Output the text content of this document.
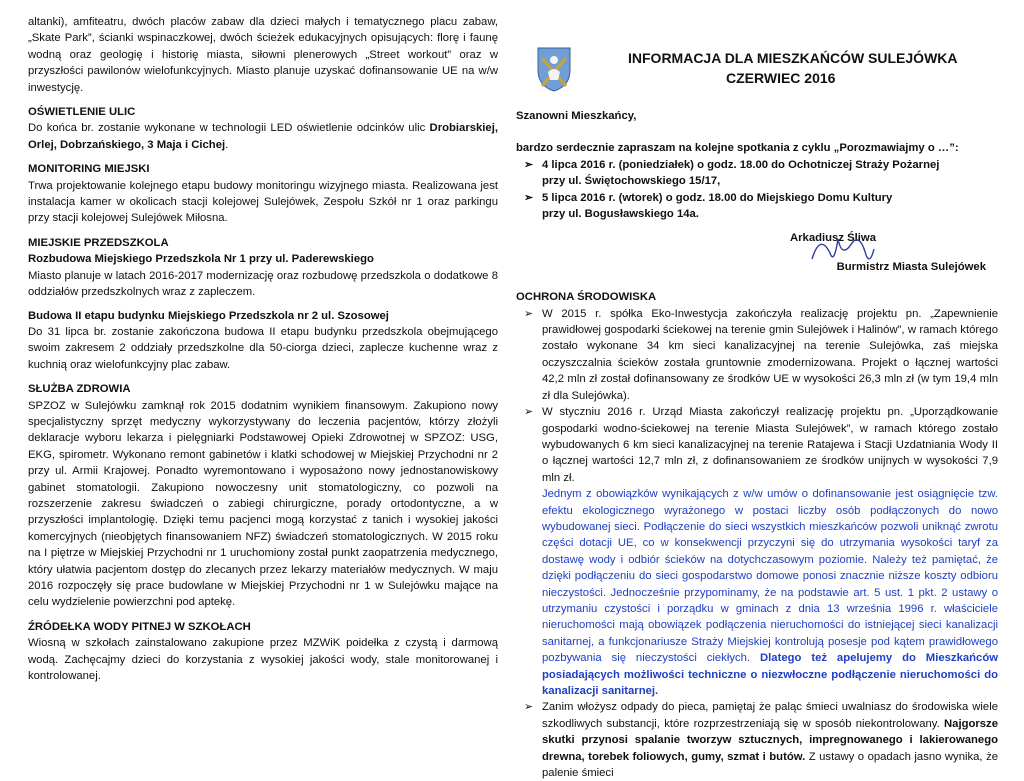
altanki), amfiteatru, dwóch placów zabaw dla dzieci małych i tematycznego placu zabaw, „Skate Park”, ścianki wspinaczkowej, dwóch ścieżek edukacyjnych opisujących: florę i faunę wodną oraz geologię i historię miasta, siłowni plenerowych „Street workout” oraz w przyszłości pawilonów wielofunkcyjnych. Miasto planuje uzyskać dofinansowanie UE na w/w inwestycję.

OŚWIETLENIE ULIC

Do końca br. zostanie wykonane w technologii LED oświetlenie odcinków ulic Drobiarskiej, Orlej, Dobrzańskiego, 3 Maja i Cichej.

MONITORING MIEJSKI

Trwa projektowanie kolejnego etapu budowy monitoringu wizyjnego miasta. Realizowana jest instalacja kamer w okolicach stacji kolejowej Sulejówek, Zespołu Szkół nr 1 oraz parkingu przy stacji kolejowej Sulejówek Miłosna.

MIEJSKIE PRZEDSZKOLA

Rozbudowa Miejskiego Przedszkola Nr 1 przy ul. Paderewskiego

Miasto planuje w latach 2016-2017 modernizację oraz rozbudowę przedszkola o dodatkowe 8 oddziałów przedszkolnych wraz z zapleczem.

Budowa II etapu budynku Miejskiego Przedszkola nr 2 ul. Szosowej

Do 31 lipca br. zostanie zakończona budowa II etapu budynku przedszkola obejmującego swoim zakresem 2 oddziały przedszkolne dla 50-ciorga dzieci, zaplecze kuchenne wraz z kuchnią oraz wielofunkcyjny plac zabaw.

SŁUŻBA ZDROWIA

SPZOZ w Sulejówku zamknął rok 2015 dodatnim wynikiem finansowym. Zakupiono nowy specjalistyczny sprzęt medyczny wykorzystywany do leczenia pacjentów, którzy złożyli deklaracje wyboru lekarza i pielęgniarki Podstawowej Opieki Zdrowotnej w SPZOZ: USG, EKG, spirometr. Wykonano remont gabinetów i klatki schodowej w Miejskiej Przychodni nr 2 przy ul. Armii Krajowej. Ponadto wyremontowano i wyposażono nowy jednostanowiskowy gabinet stomatologii. Zakupiono nowoczesny unit stomatologiczny, co pozwoli na rozszerzenie zakresu świadczeń o zabiegi chirurgiczne, porady ortodontyczne, a w przyszłości implantologię. Dzięki temu pacjenci mogą korzystać z tanich i wysokiej jakości komercyjnych (nieobjętych finansowaniem NFZ) świadczeń stomatologicznych. W 2015 roku na I piętrze w Miejskiej Przychodni nr 1 uruchomiony został punkt zaopatrzenia medycznego, który ułatwia pacjentom dostęp do zlecanych przez lekarzy materiałów medycznych. W maju 2016 rozpoczęły się prace budowlane w Miejskiej Przychodni nr 1 w Sulejówku mające na celu wydzielenie powierzchni pod aptekę.

ŹRÓDEŁKA WODY PITNEJ W SZKOŁACH

Wiosną w szkołach zainstalowano zakupione przez MZWiK poidełka z czystą i darmową wodą. Zachęcajmy dzieci do korzystania z wysokiej jakości wody, stale monitorowanej i kontrolowanej.

INFORMACJA DLA MIESZKAŃCÓW SULEJÓWKA
CZERWIEC 2016

Szanowni Mieszkańcy,

bardzo serdecznie zapraszam na kolejne spotkania z cyklu „Porozmawiajmy o …”:

➢ 4 lipca 2016 r. (poniedziałek) o godz. 18.00 do Ochotniczej Straży Pożarnej
przy ul. Świętochowskiego 15/17,
➢ 5 lipca 2016 r. (wtorek) o godz. 18.00 do Miejskiego Domu Kultury
przy ul. Bogusławskiego 14a.

Arkadiusz Śliwa

Burmistrz Miasta Sulejówek

OCHRONA ŚRODOWISKA

➢ W 2015 r. spółka Eko-Inwestycja zakończyła realizację projektu pn. „Zapewnienie prawidłowej gospodarki ściekowej na terenie gmin Sulejówek i Halinów”, w ramach którego zostało wykonane 34 km sieci kanalizacyjnej na terenie Sulejówka, zaś miejska oczyszczalnia ścieków została gruntownie zmodernizowana. Projekt o łącznej wartości 42,2 mln zł został dofinansowany ze środków UE w wysokości 26,3 mln zł (w tym 19,4 mln zł dla Sulejówka).
➢ W styczniu 2016 r. Urząd Miasta zakończył realizację projektu pn. „Uporządkowanie gospodarki wodno-ściekowej na terenie Miasta Sulejówek”, w ramach którego zostało wybudowanych 6 km sieci kanalizacyjnej na terenie Ratajewa i Stacji Uzdatniania Wody II o łącznej wartości 12,7 mln zł, z dofinansowaniem ze środków unijnych w wysokości 7,9 mln zł.

Jednym z obowiązków wynikających z w/w umów o dofinansowanie jest osiągnięcie tzw. efektu ekologicznego wyrażonego w postaci liczby osób podłączonych do nowo wybudowanej sieci. Podłączenie do sieci wszystkich mieszkańców pozwoli uniknąć zwrotu części dotacji UE, co w konsekwencji przyczyni się do utrzymania wysokości taryf za dostawę wody i odbiór ścieków na dotychczasowym poziomie. Należy też pamiętać, że dzięki podłączeniu do sieci gospodarstwo domowe ponosi znacznie niższe koszty odbioru nieczystości. Jednocześnie przypominamy, że na podstawie art. 5 ust. 1 pkt. 2 ustawy o utrzymaniu czystości i porządku w gminach z dnia 13 września 1996 r. właściciele nieruchomości mają obowiązek podłączenia nieruchomości do istniejącej sieci kanalizacji sanitarnej, a funkcjonariusze Straży Miejskiej kontrolują posesje pod kątem prawidłowego pozbywania się nieczystości ciekłych. Dlatego też apelujemy do Mieszkańców posiadających możliwości techniczne o niezwłoczne podłączenie nieruchomości do kanalizacji sanitarnej.

➢ Zanim włożysz odpady do pieca, pamiętaj że paląc śmieci uwalniasz do środowiska wiele szkodliwych substancji, które rozprzestrzeniają się w sposób niekontrolowany. Najgorsze skutki przynosi spalanie tworzyw sztucznych, impregnowanego i lakierowanego drewna, torebek foliowych, gumy, szmat i butów. Z ustawy o opadach jasno wynika, że palenie śmieci
